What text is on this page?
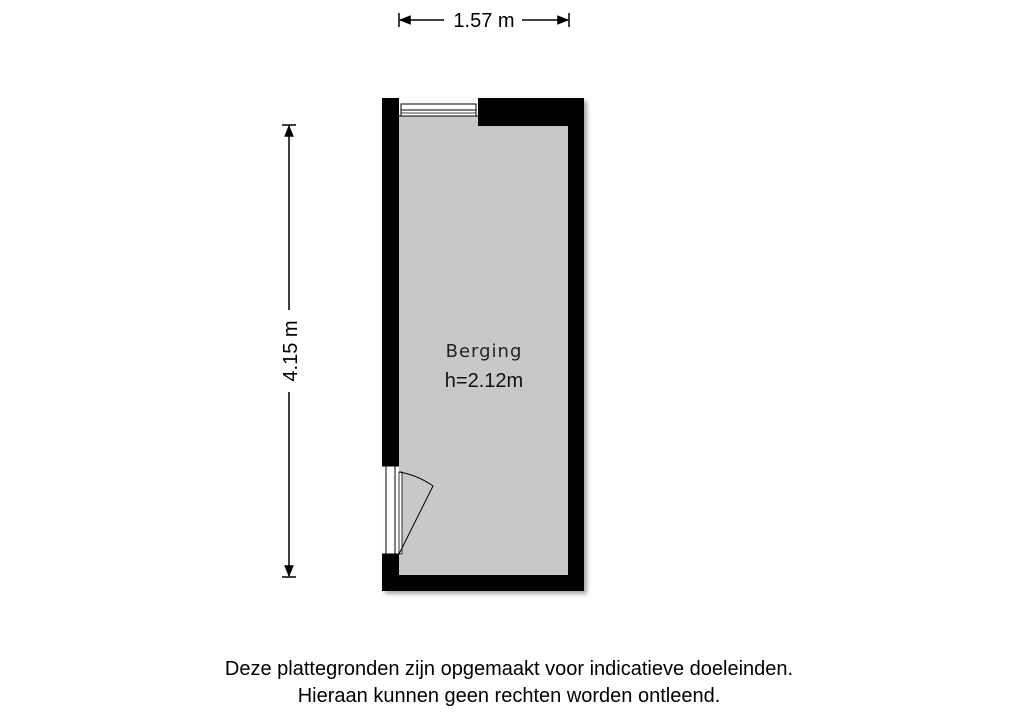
1.57 m
4.15 m	Berging
h=2.12m
Deze plattegronden zijn opgemaakt voor indicatieve doeleinden.
Hieraan kunnen geen rechten worden ontleend.
